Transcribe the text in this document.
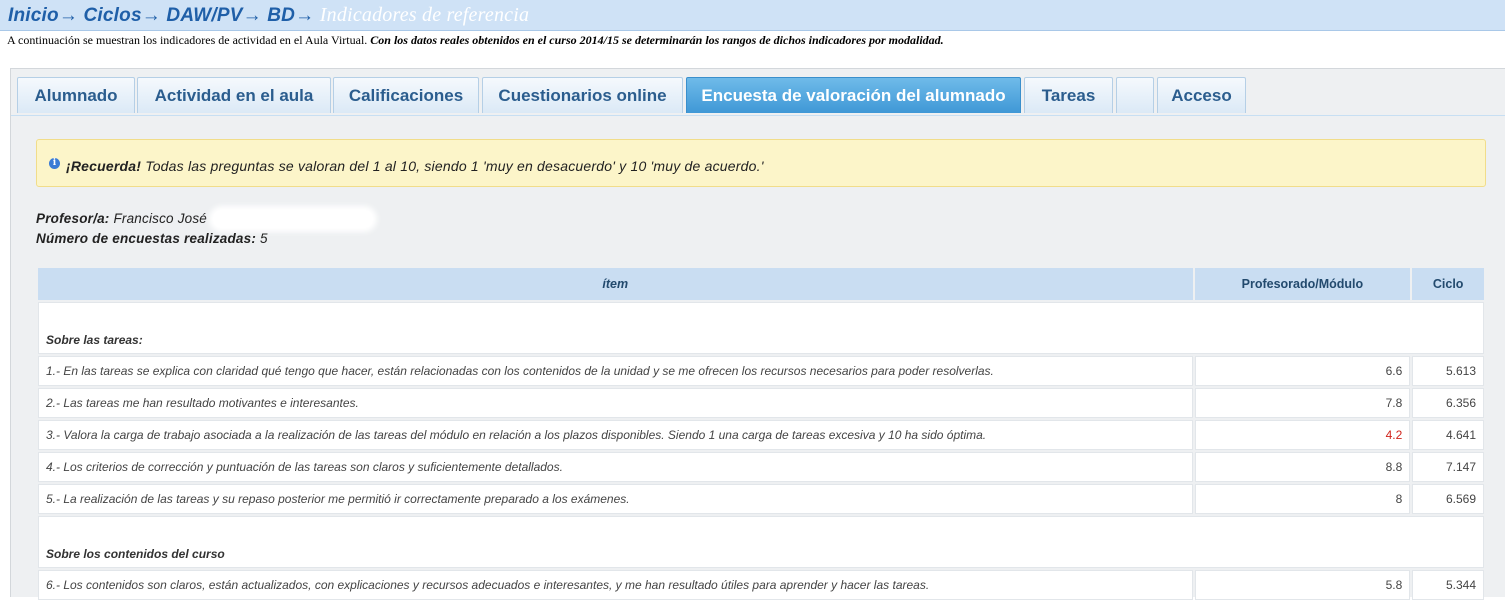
Inicio→ Ciclos→ DAW/PV→ BD→ Indicadores de referencia
A continuación se muestran los indicadores de actividad en el Aula Virtual. Con los datos reales obtenidos en el curso 2014/15 se determinarán los rangos de dichos indicadores por modalidad.
Alumnado	Actividad en el aula	Calificaciones	Cuestionarios online	Encuesta de valoración del alumnado	Tareas	Acceso
i ¡Recuerda! Todas las preguntas se valoran del 1 al 10, siendo 1 'muy en desacuerdo' y 10 'muy de acuerdo.'
Profesor/a: Francisco José
Número de encuestas realizadas: 5
ítem	Profesorado/Módulo	Ciclo
Sobre las tareas:		
1.- En las tareas se explica con claridad qué tengo que hacer, están relacionadas con los contenidos de la unidad y se me ofrecen los recursos necesarios para poder resolverlas.	6.6	5.613
2.- Las tareas me han resultado motivantes e interesantes.	7.8	6.356
3.- Valora la carga de trabajo asociada a la realización de las tareas del módulo en relación a los plazos disponibles. Siendo 1 una carga de tareas excesiva y 10 ha sido óptima.	4.2	4.641
4.- Los criterios de corrección y puntuación de las tareas son claros y suficientemente detallados.	8.8	7.147
5.- La realización de las tareas y su repaso posterior me permitió ir correctamente preparado a los exámenes.	8	6.569
Sobre los contenidos del curso		
6.- Los contenidos son claros, están actualizados, con explicaciones y recursos adecuados e interesantes, y me han resultado útiles para aprender y hacer las tareas.	5.8	5.344
